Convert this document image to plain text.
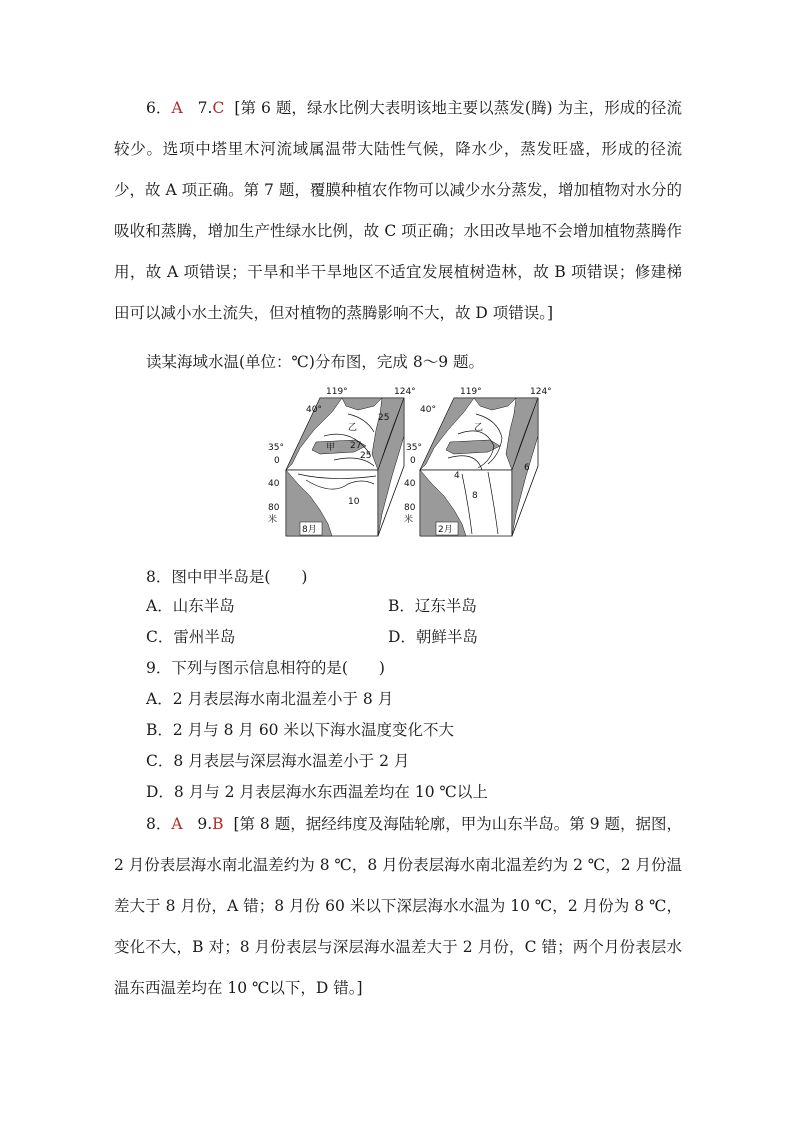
6．A 7.C [第 6 题，绿水比例大表明该地主要以蒸发(腾) 为主，形成的径流较少。选项中塔里木河流域属温带大陆性气候，降水少，蒸发旺盛，形成的径流少，故 A 项正确。第 7 题，覆膜种植农作物可以减少水分蒸发，增加植物对水分的吸收和蒸腾，增加生产性绿水比例，故 C 项正确；水田改旱地不会增加植物蒸腾作用，故 A 项错误；干旱和半干旱地区不适宜发展植树造林，故 B 项错误；修建梯田可以减小水土流失，但对植物的蒸腾影响不大，故 D 项错误。]

读某海域水温(单位：℃)分布图，完成 8～9 题。

乙
甲
25
25
27
10
8月
乙
4
6
8
2月
119°	124°	119°	124°
40°	40°
35°	35°
0
40
80
米
0
40
80
米

8．图中甲半岛是(　　)

A．山东半岛	B．辽东半岛

C．雷州半岛	D．朝鲜半岛

9．下列与图示信息相符的是(　　)

A．2 月表层海水南北温差小于 8 月

B．2 月与 8 月 60 米以下海水温度变化不大

C．8 月表层与深层海水温差小于 2 月

D．8 月与 2 月表层海水东西温差均在 10 ℃以上

8．A 9.B [第 8 题，据经纬度及海陆轮廓，甲为山东半岛。第 9 题，据图，2 月份表层海水南北温差约为 8 ℃，8 月份表层海水南北温差约为 2 ℃，2 月份温差大于 8 月份，A 错；8 月份 60 米以下深层海水水温为 10 ℃，2 月份为 8 ℃，变化不大，B 对；8 月份表层与深层海水温差大于 2 月份，C 错；两个月份表层水温东西温差均在 10 ℃以下，D 错。]
